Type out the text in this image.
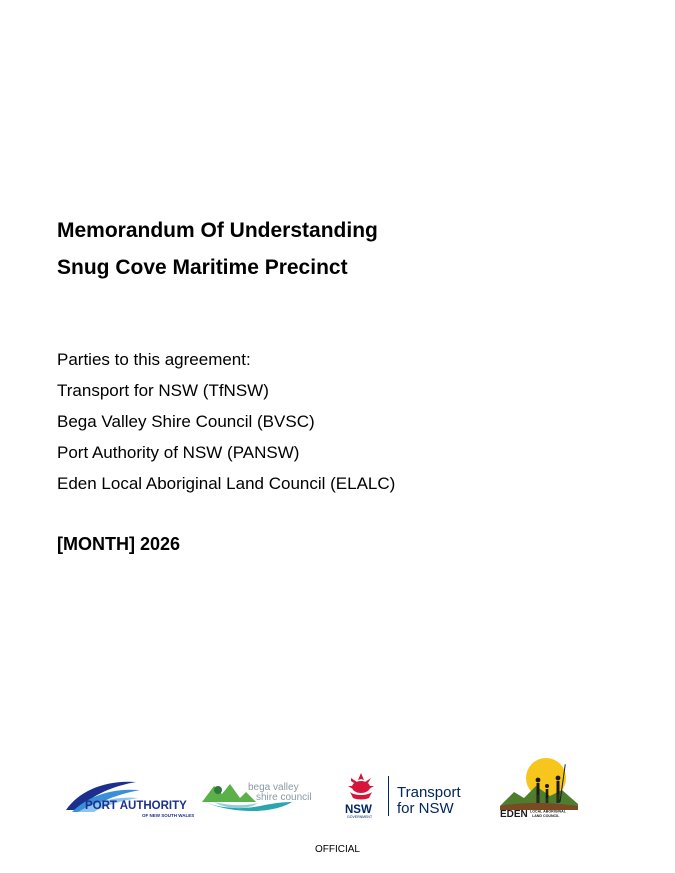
Memorandum Of Understanding

Snug Cove Maritime Precinct

Parties to this agreement:
Transport for NSW (TfNSW)
Bega Valley Shire Council (BVSC)
Port Authority of NSW (PANSW)
Eden Local Aboriginal Land Council (ELALC)
[MONTH] 2026
PORT AUTHORITY
OF NEW SOUTH WALES
bega valley
shire council
NSW
GOVERNMENT
Transport
for NSW	EDEN LOCAL ABORIGINAL
LAND COUNCIL
OFFICIAL
